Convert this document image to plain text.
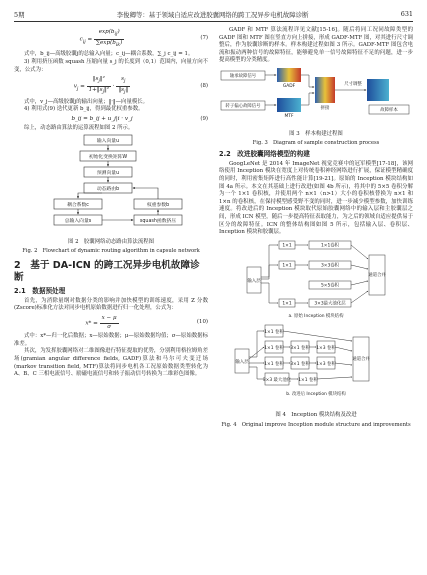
5期	李俊卿等：基于领域自适应改进胶囊网络的跨工况异步电机故障诊断	631
$c_{ij} = \frac{\exp(b_{ij})}{\sum\exp(b_{ik})}$	(7)

式中，b_ij—高级胶囊j的总输入向量；c_ij—耦合系数，∑_j c_ij = 1。

3) 利用挤压函数 squash 压缩向量 s_j 的长度到（0,1）范围内，向量方向不变，公式为：

$v_j = \frac{‖s_j‖^2}{1+‖s_j‖^2} \cdot \frac{s_j}{‖s_j‖}$	(8)

式中，v_j—高级胶囊j的输出向量；‖·‖—向量模长。

4) 利用式(9) 迭代更新 b_ij，得到最优权重参数。

b_ij = b_ij + u_j|i · v_j	(9)

综上，动态路由算法的运算流程如图 2 所示。

输入向量u
初始化变换矩阵W
预测向量u
动态路由b
耦合系数c
总输入向量s
权重参数b
squash函数挤压
图 2　胶囊网络动态路由算法流程图
Fig. 2　Flowchart of dynamic routing algorithm in capsule network
2　基于 DA-ICN 的跨工况异步电机故障诊断
2.1　数据预处理

首先，为消除量纲对数据分类的影响并加快模型的训练速度，采用 Z 分数(Zscore)标准化方法对同步电机原始数据进行归一化处理，公式为：

$x* = \frac{x - \mu}{\sigma}$	(10)

式中：x*—归一化后数据；x—原始数据；μ—原始数据均值；σ—原始数据标准差。

其次，为发挥胶囊网络对二维图像进行特征提取的优势，分别利用格拉姆角差场(gramian angular difference fields, GADF)算法和马尔可夫变迁场(markov transition field, MTF)算法将同步电机各工况原始数据类型转化为 A、B、C 三相电流信号、励磁电流信号和转子振动信号转换为二维彩色图像。

GADF 和 MTF 算法流程详见文献[15-16]。随后将同工况同故障类型的 GADF 图和 MTF 图在竖直方向上拼接，形成 GADF-MTF 图，对其进行尺寸调整后，作为胶囊诊断的样本。样本构建过程如图 3 所示。GADF-MTF 图包含电流和振动两种信号的故障特征，能够避免单一信号故障特征不足的问题，进一步提高模型的分类精度。

轴承故障信号
转子偏心故障信号
GADF
MTF
拼接
尺寸调整
故障样本
图 3　样本构建过程图
Fig. 3　Diagram of sample construction process
2.2　改进胶囊网络模型的构建

GoogLeNet 是 2014 年 ImageNet 视觉竞赛中的冠军模型[17-18]，该网络使用 Inception 模块在宽度上对传统卷积神经网络进行扩展，保证模型精确度的同时，利用密集矩阵进行高性能计算[19-21]。原始的 Inception 模块结构如图 4a 所示。本文在其基础上进行改进(如图 4b 所示)，将其中的 5×5 卷积分解为一个 1×1 卷积核，并使用两个 n×1（n>1）大小的卷积核替换为 n×1 和 1×n 的卷积核，在保持模型感受野不变的同时，进一步减少模型参数，加快训练速度。将改进后的 Inception 模块取代原始胶囊网络中的输入层和主胶囊层之间，形成 ICN 模型，随后一步提高特征表取能力，为之后的领域自适应提供易于区分的故障特征。ICN 的整体结构图如图 5 所示，包括输入层、卷积层、Inception 模块和胶囊层。

输入层
1×1
1×1
1×1
1×1卷积
3×3卷积
5×5卷积
3×3最大池化层
通道合并
a. 原始 Inception 模块结构
输入层
1×1 卷积
1×1 卷积 3×1 卷积 1×3 卷积
1×1 卷积 3×1 卷积 1×3 卷积
3×3 最大池化 1×1 卷积
通道合并
b. 改进后 Inception 模块结构
图 4　Inception 模块结构及改进
Fig. 4　Original improve Inception module structure and improvements
